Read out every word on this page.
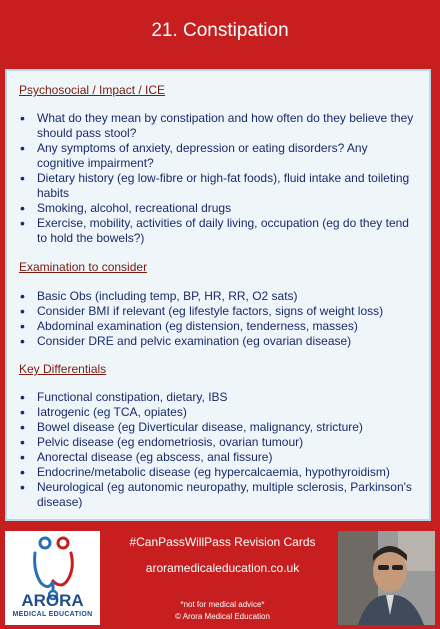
21. Constipation
Psychosocial / Impact / ICE
• What do they mean by constipation and how often do they believe they should pass stool?
• Any symptoms of anxiety, depression or eating disorders? Any cognitive impairment?
• Dietary history (eg low-fibre or high-fat foods), fluid intake and toileting habits
• Smoking, alcohol, recreational drugs
• Exercise, mobility, activities of daily living, occupation (eg do they tend to hold the bowels?)
Examination to consider
• Basic Obs (including temp, BP, HR, RR, O2 sats)
• Consider BMI if relevant (eg lifestyle factors, signs of weight loss)
• Abdominal examination (eg distension, tenderness, masses)
• Consider DRE and pelvic examination (eg ovarian disease)
Key Differentials
• Functional constipation, dietary, IBS
• Iatrogenic (eg TCA, opiates)
• Bowel disease (eg Diverticular disease, malignancy, stricture)
• Pelvic disease (eg endometriosis, ovarian tumour)
• Anorectal disease (eg abscess, anal fissure)
• Endocrine/metabolic disease (eg hypercalcaemia, hypothyroidism)
• Neurological (eg autonomic neuropathy, multiple sclerosis, Parkinson's disease)
ARORA
MEDICAL EDUCATION
#CanPassWillPass Revision Cards
aroramedicaleducation.co.uk
*not for medical advice*
© Arora Medical Education
